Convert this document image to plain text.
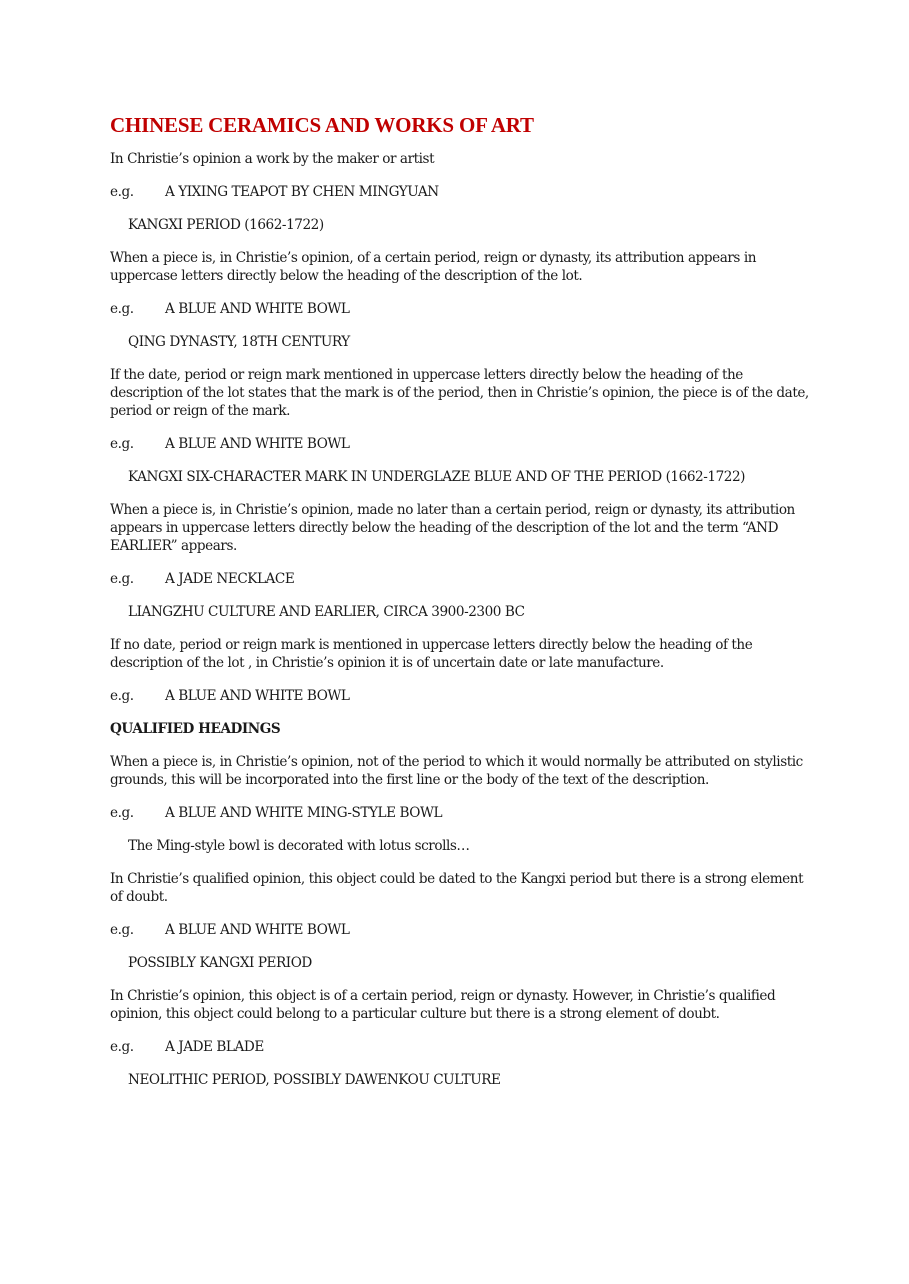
CHINESE CERAMICS AND WORKS OF ART
In Christie’s opinion a work by the maker or artist
e.g.	A YIXING TEAPOT BY CHEN MINGYUAN
KANGXI PERIOD (1662-1722)
When a piece is, in Christie’s opinion, of a certain period, reign or dynasty, its attribution appears in uppercase letters directly below the heading of the description of the lot.
e.g.	A BLUE AND WHITE BOWL
QING DYNASTY, 18TH CENTURY
If the date, period or reign mark mentioned in uppercase letters directly below the heading of the description of the lot states that the mark is of the period, then in Christie’s opinion, the piece is of the date, period or reign of the mark.
e.g.	A BLUE AND WHITE BOWL
KANGXI SIX-CHARACTER MARK IN UNDERGLAZE BLUE AND OF THE PERIOD (1662-1722)
When a piece is, in Christie’s opinion, made no later than a certain period, reign or dynasty, its attribution appears in uppercase letters directly below the heading of the description of the lot and the term “AND EARLIER” appears.
e.g.	A JADE NECKLACE
LIANGZHU CULTURE AND EARLIER, CIRCA 3900-2300 BC
If no date, period or reign mark is mentioned in uppercase letters directly below the heading of the description of the lot , in Christie’s opinion it is of uncertain date or late manufacture.
e.g.	A BLUE AND WHITE BOWL
QUALIFIED HEADINGS
When a piece is, in Christie’s opinion, not of the period to which it would normally be attributed on stylistic grounds, this will be incorporated into the first line or the body of the text of the description.
e.g.	A BLUE AND WHITE MING-STYLE BOWL
The Ming-style bowl is decorated with lotus scrolls…
In Christie’s qualified opinion, this object could be dated to the Kangxi period but there is a strong element of doubt.
e.g.	A BLUE AND WHITE BOWL
POSSIBLY KANGXI PERIOD
In Christie’s opinion, this object is of a certain period, reign or dynasty. However, in Christie’s qualified opinion, this object could belong to a particular culture but there is a strong element of doubt.
e.g.	A JADE BLADE
NEOLITHIC PERIOD, POSSIBLY DAWENKOU CULTURE
